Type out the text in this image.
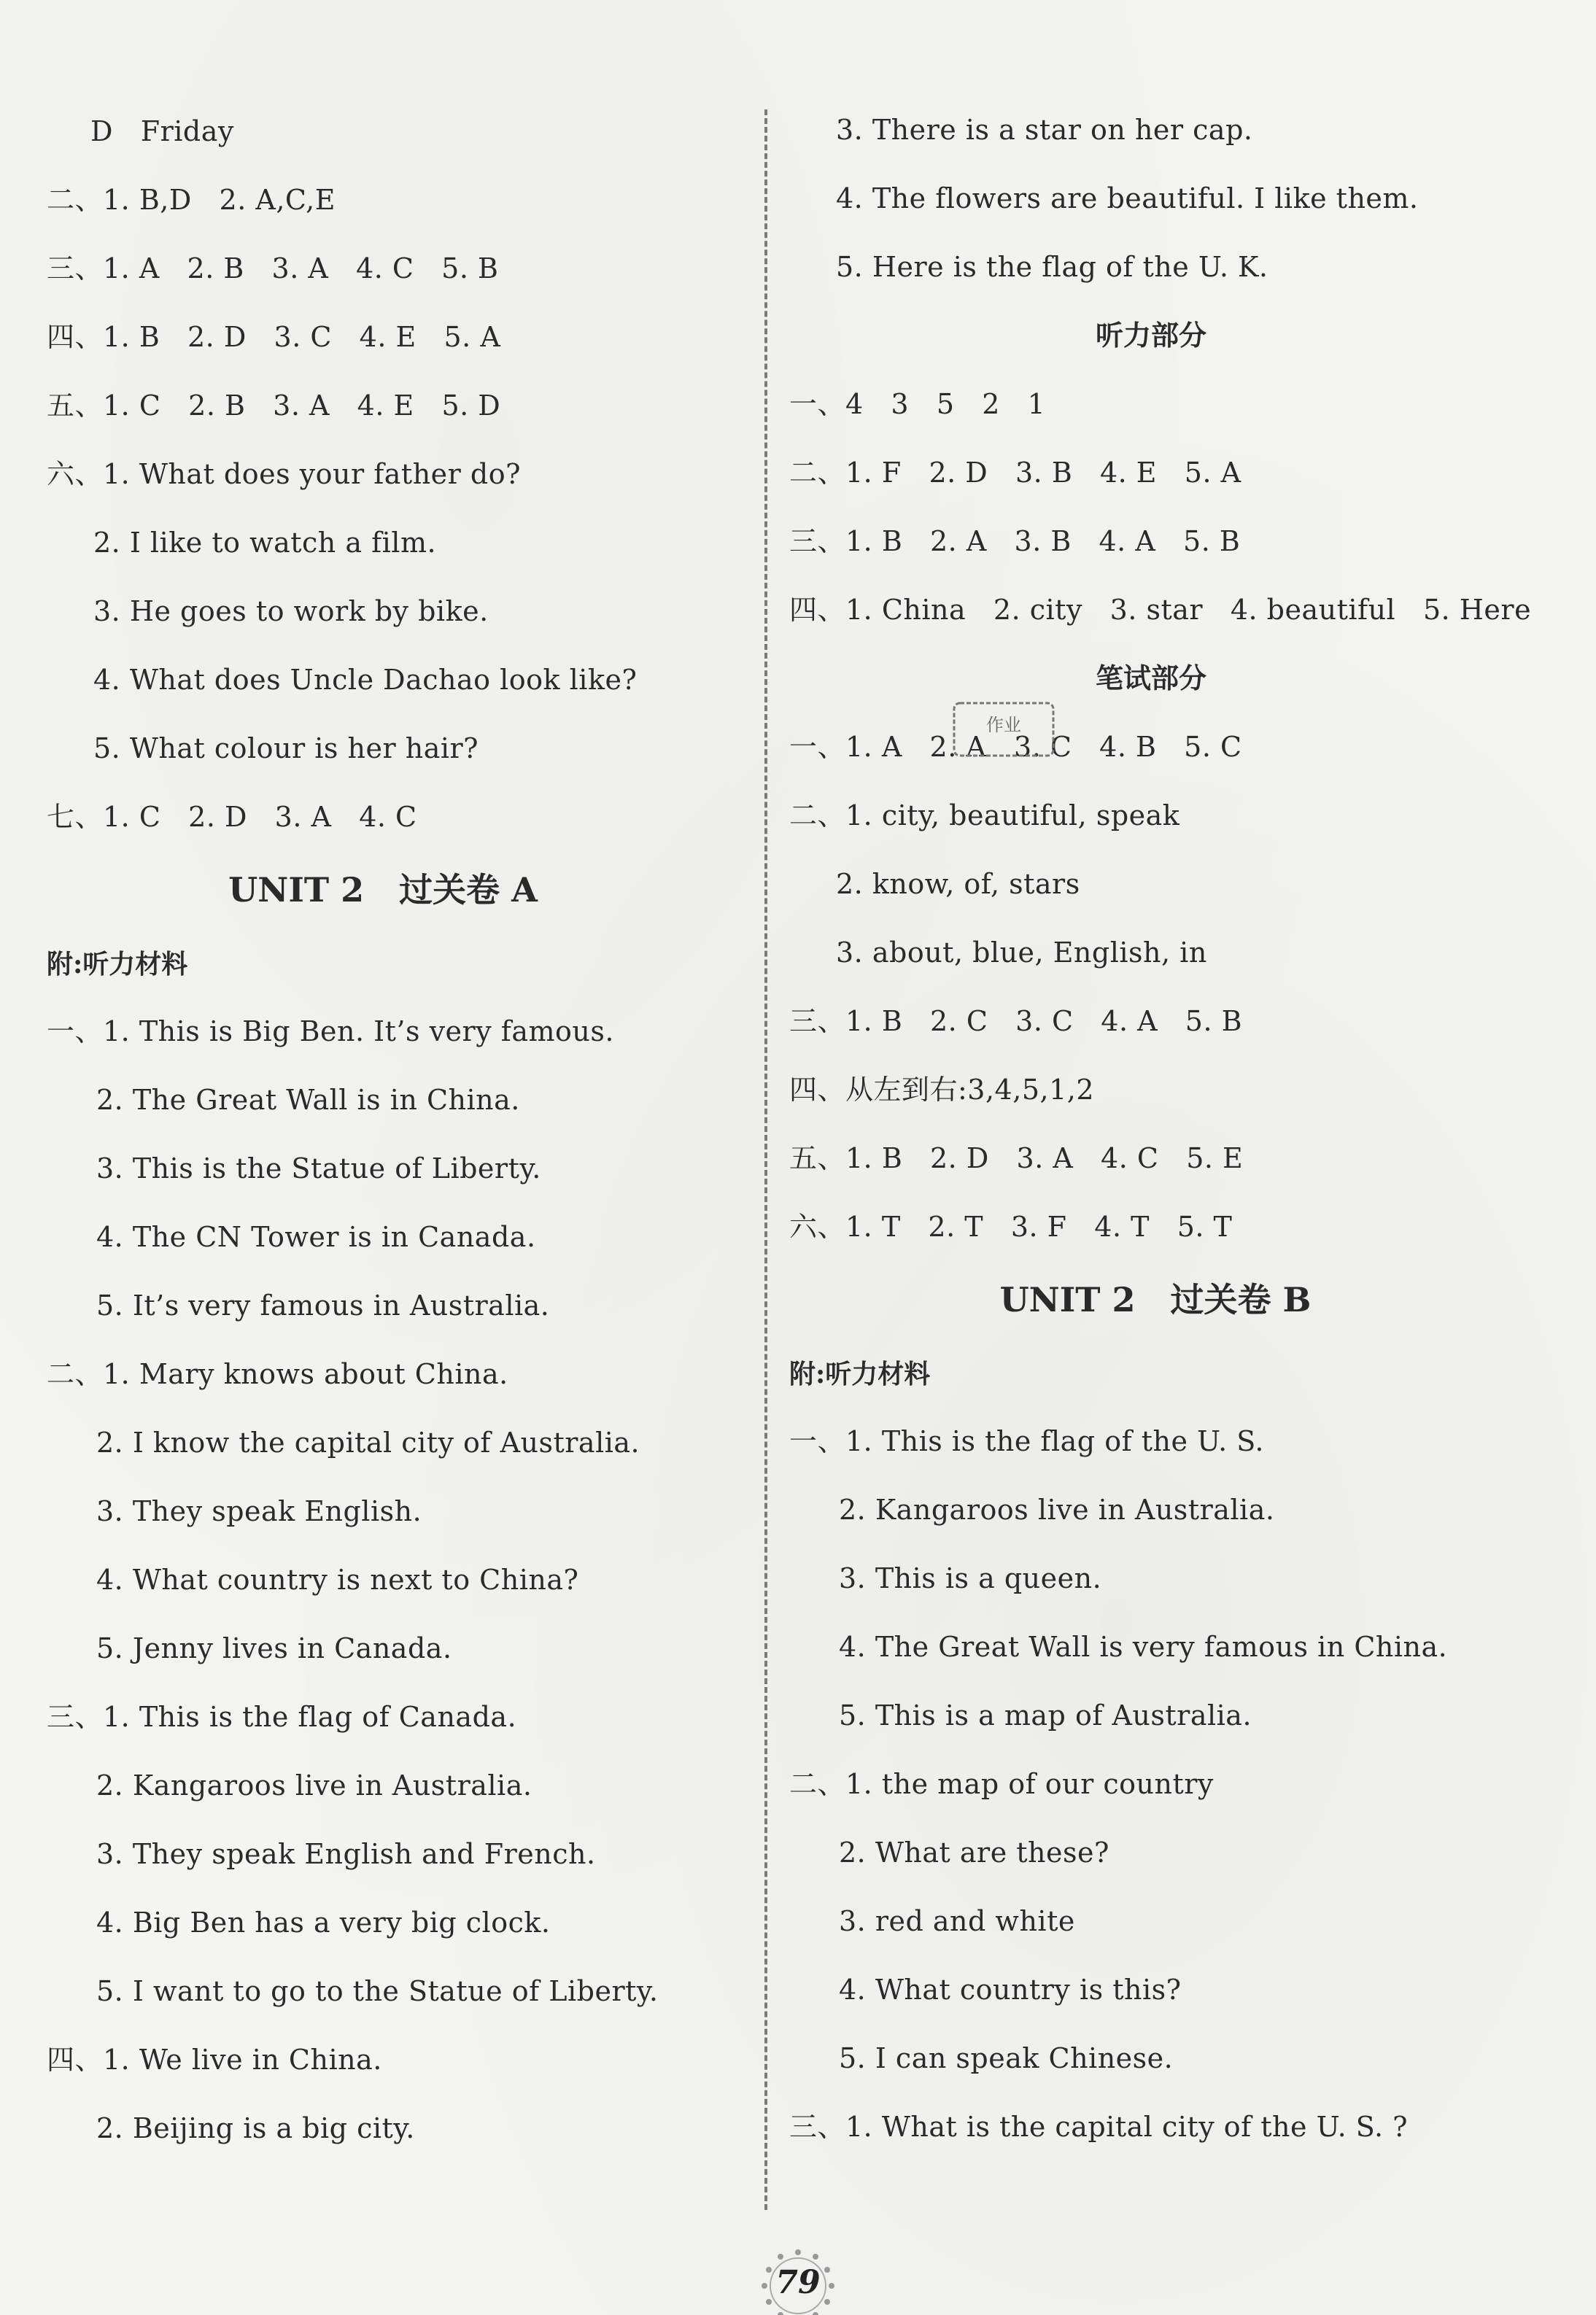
D   Friday
二、1. B,D   2. A,C,E
三、1. A   2. B   3. A   4. C   5. B
四、1. B   2. D   3. C   4. E   5. A
五、1. C   2. B   3. A   4. E   5. D
六、1. What does your father do?
2. I like to watch a film.
3. He goes to work by bike.
4. What does Uncle Dachao look like?
5. What colour is her hair?
七、1. C   2. D   3. A   4. C
UNIT 2   过关卷 A
附:听力材料
一、1. This is Big Ben. It’s very famous.
2. The Great Wall is in China.
3. This is the Statue of Liberty.
4. The CN Tower is in Canada.
5. It’s very famous in Australia.
二、1. Mary knows about China.
2. I know the capital city of Australia.
3. They speak English.
4. What country is next to China?
5. Jenny lives in Canada.
三、1. This is the flag of Canada.
2. Kangaroos live in Australia.
3. They speak English and French.
4. Big Ben has a very big clock.
5. I want to go to the Statue of Liberty.
四、1. We live in China.
2. Beijing is a big city.
3. There is a star on her cap.
4. The flowers are beautiful. I like them.
5. Here is the flag of the U. K.
听力部分
一、4   3   5   2   1
二、1. F   2. D   3. B   4. E   5. A
三、1. B   2. A   3. B   4. A   5. B
四、1. China   2. city   3. star   4. beautiful   5. Here
笔试部分
一、1. A   2. A   3. C   4. B   5. C
二、1. city, beautiful, speak
2. know, of, stars
3. about, blue, English, in
三、1. B   2. C   3. C   4. A   5. B
四、从左到右:3,4,5,1,2
五、1. B   2. D   3. A   4. C   5. E
六、1. T   2. T   3. F   4. T   5. T
UNIT 2   过关卷 B
附:听力材料
一、1. This is the flag of the U. S.
2. Kangaroos live in Australia.
3. This is a queen.
4. The Great Wall is very famous in China.
5. This is a map of Australia.
二、1. the map of our country
2. What are these?
3. red and white
4. What country is this?
5. I can speak Chinese.
三、1. What is the capital city of the U. S. ?
作业
79
